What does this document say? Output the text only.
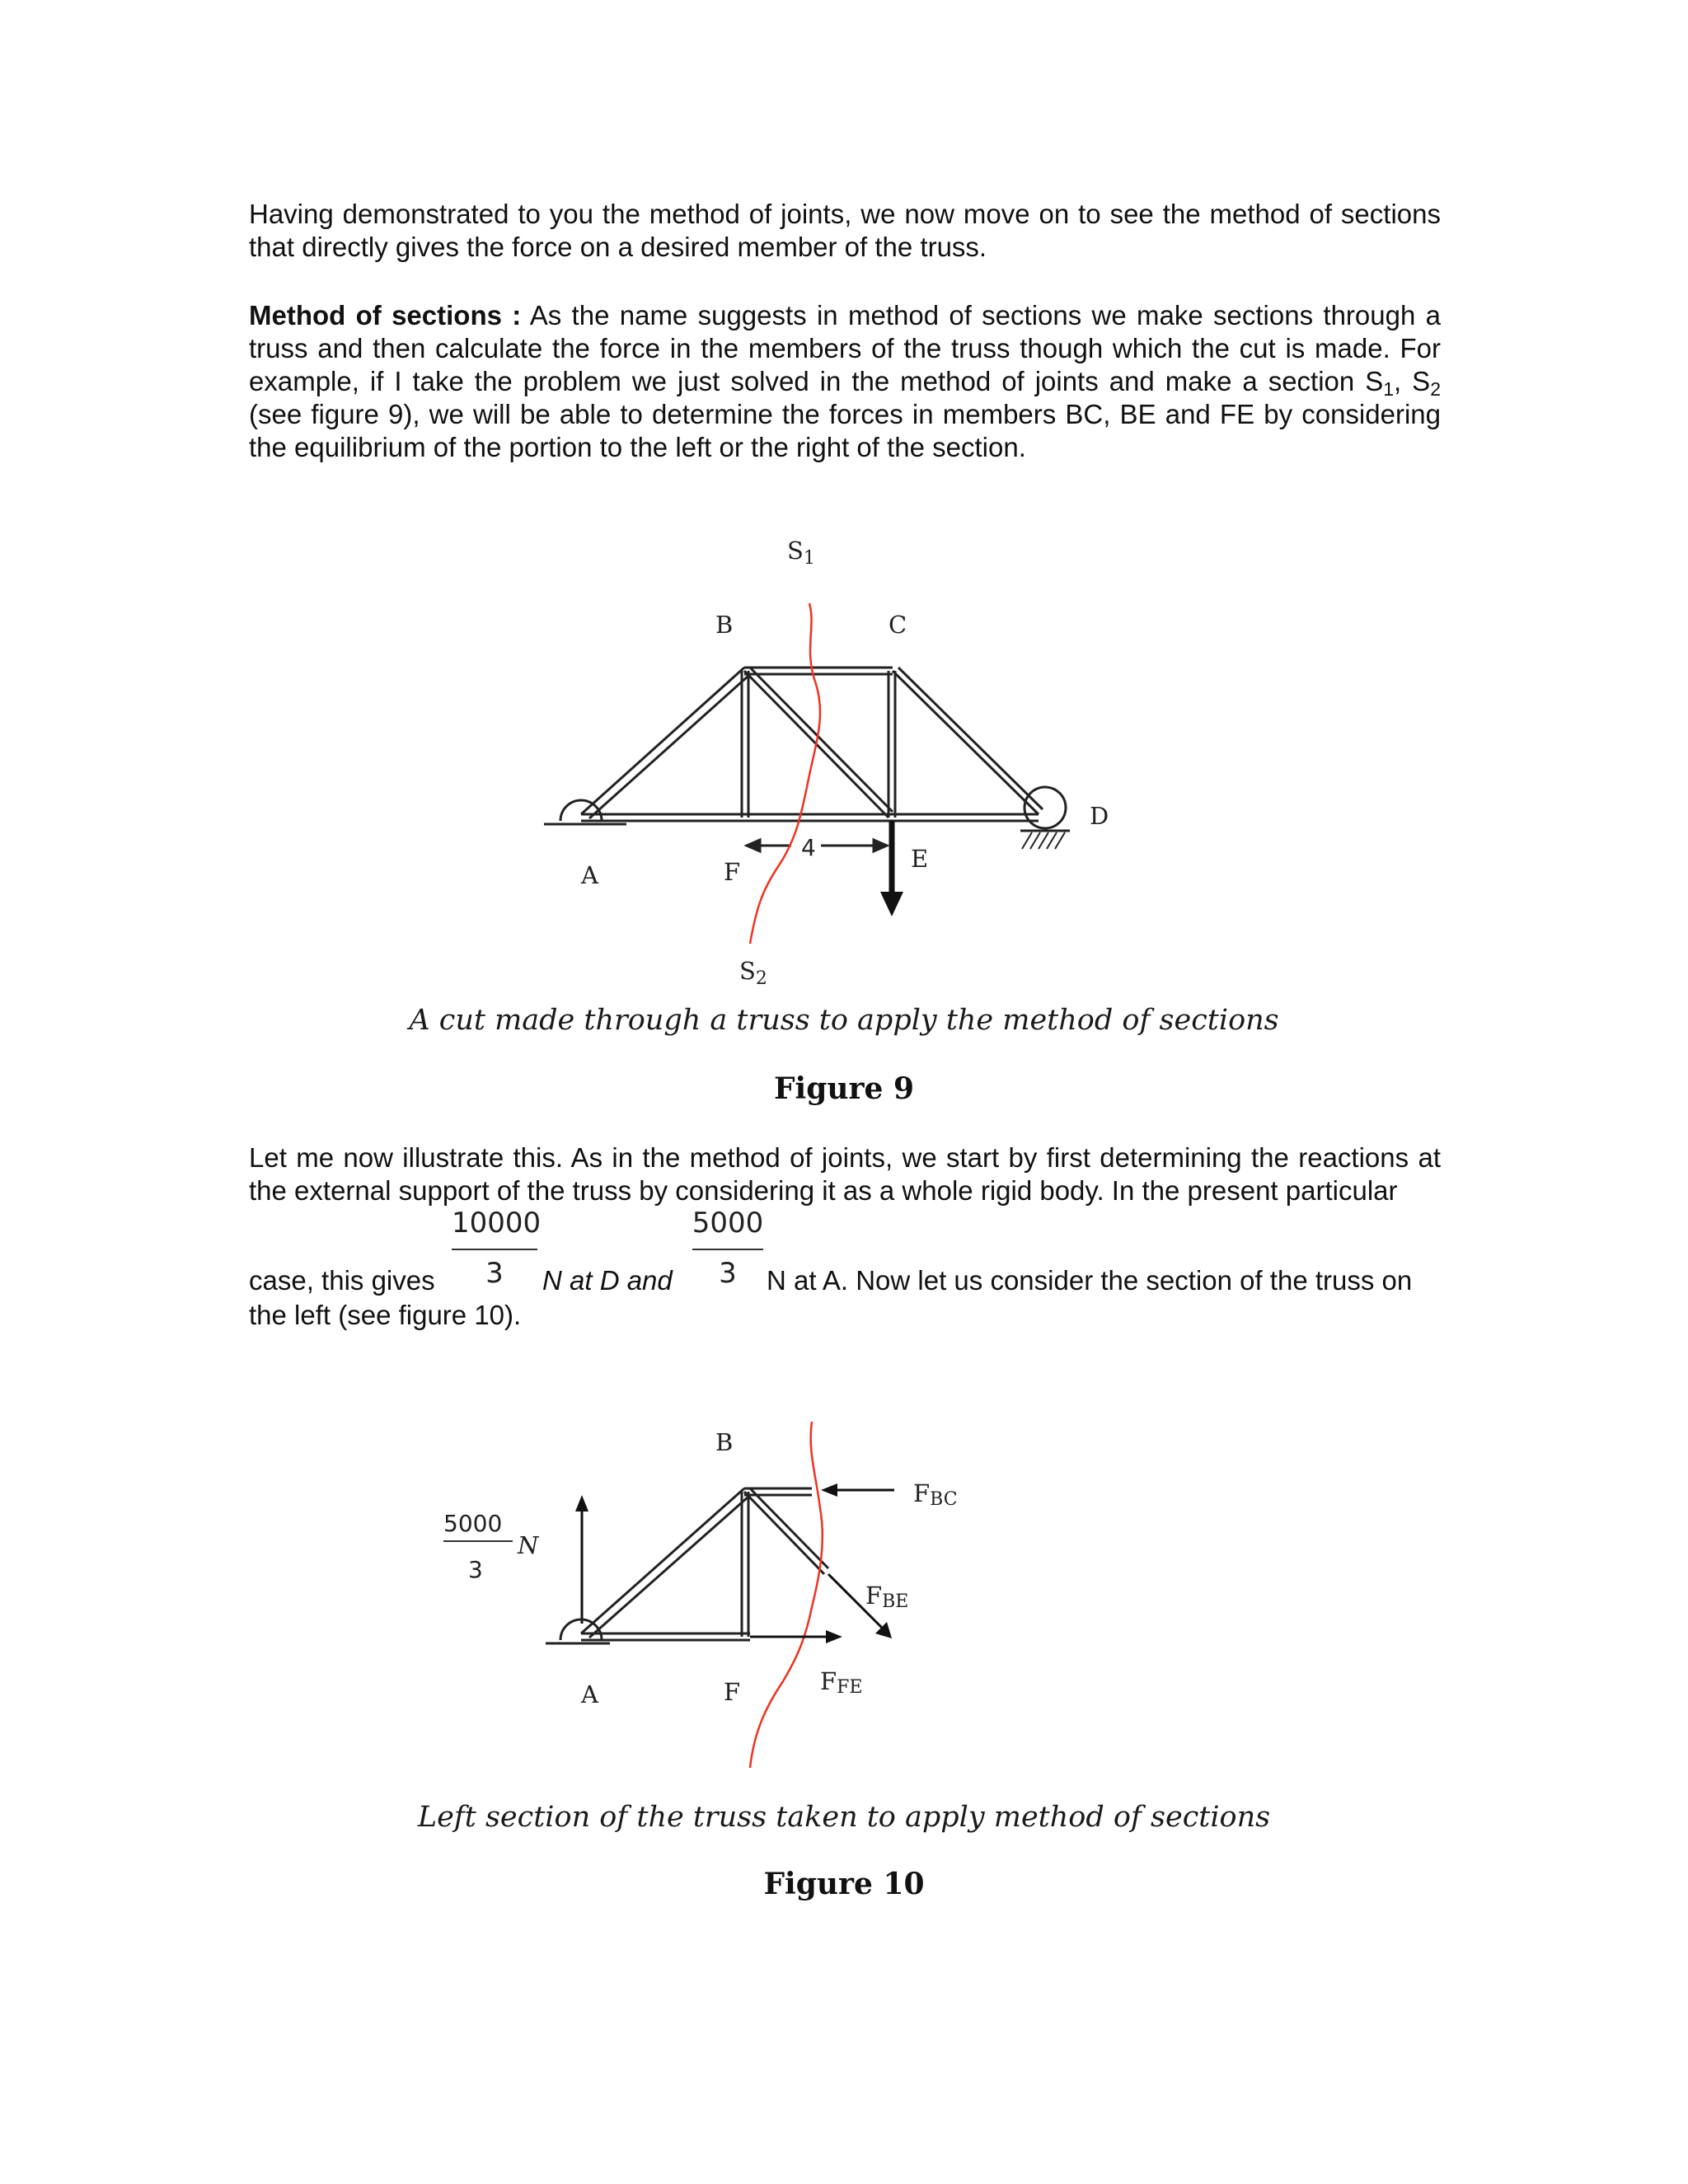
Having demonstrated to you the method of joints, we now move on to see the method of sections that directly gives the force on a desired member of the truss.

Method of sections : As the name suggests in method of sections we make sections through a truss and then calculate the force in the members of the truss though which the cut is made. For example, if I take the problem we just solved in the method of joints and make a section $S_1$, $S_2$ (see figure 9), we will be able to determine the forces in members BC, BE and FE by considering the equilibrium of the portion to the left or the right of the section.

$S_1$
$S_2$
B	C
D
A	F	E
4
A cut made through a truss to apply the method of sections
Figure 9

Let me now illustrate this. As in the method of joints, we start by first determining the reactions at the external support of the truss by considering it as a whole rigid body. In the present particular

case, this gives
10000
3	N at D and
5000
3	N at A. Now let us consider the section of the truss on
the left (see figure 10).
B
A	F
FBC
FBE
FFE
5000
3
N
Left section of the truss taken to apply method of sections
Figure 10
